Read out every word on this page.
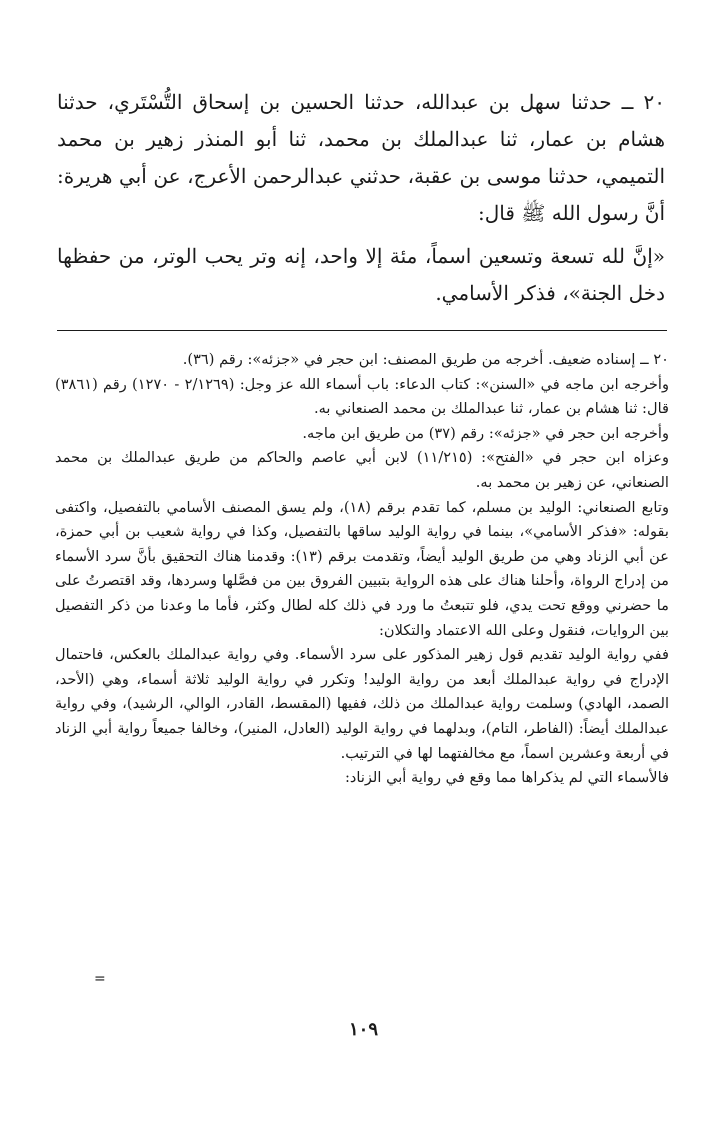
٢٠ ــ حدثنا سهل بن عبدالله، حدثنا الحسين بن إسحاق التُّسْتَري، حدثنا هشام بن عمار، ثنا عبدالملك بن محمد، ثنا أبو المنذر زهير بن محمد التميمي، حدثنا موسى بن عقبة، حدثني عبدالرحمن الأعرج، عن أبي هريرة: أنَّ رسول الله ﷺ قال:

«إنَّ لله تسعة وتسعين اسماً، مئة إلا واحد، إنه وتر يحب الوتر، من حفظها دخل الجنة»، فذكر الأسامي.

٢٠ ــ إسناده ضعيف. أخرجه من طريق المصنف: ابن حجر في «جزئه»: رقم (٣٦).

وأخرجه ابن ماجه في «السنن»: كتاب الدعاء: باب أسماء الله عز وجل: (٢/١٢٦٩ - ١٢٧٠) رقم (٣٨٦١) قال: ثنا هشام بن عمار، ثنا عبدالملك بن محمد الصنعاني به.

وأخرجه ابن حجر في «جزئه»: رقم (٣٧) من طريق ابن ماجه.

وعزاه ابن حجر في «الفتح»: (١١/٢١٥) لابن أبي عاصم والحاكم من طريق عبدالملك بن محمد الصنعاني، عن زهير بن محمد به.

وتابع الصنعاني: الوليد بن مسلم، كما تقدم برقم (١٨)، ولم يسق المصنف الأسامي بالتفصيل، واكتفى بقوله: «فذكر الأسامي»، بينما في رواية الوليد ساقها بالتفصيل، وكذا في رواية شعيب بن أبي حمزة، عن أبي الزناد وهي من طريق الوليد أيضاً، وتقدمت برقم (١٣): وقدمنا هناك التحقيق بأنَّ سرد الأسماء من إدراج الرواة، وأحلنا هناك على هذه الرواية بتبيين الفروق بين من فصَّلها وسردها، وقد اقتصرتُ على ما حضرني ووقع تحت يدي، فلو تتبعتُ ما ورد في ذلك كله لطال وكثر، فأما ما وعدنا من ذكر التفصيل بين الروايات، فنقول وعلى الله الاعتماد والتكلان:

ففي رواية الوليد تقديم قول زهير المذكور على سرد الأسماء. وفي رواية عبدالملك بالعكس، فاحتمال الإدراج في رواية عبدالملك أبعد من رواية الوليد! وتكرر في رواية الوليد ثلاثة أسماء، وهي (الأحد، الصمد، الهادي) وسلمت رواية عبدالملك من ذلك، ففيها (المقسط، القادر، الوالي، الرشيد)، وفي رواية عبدالملك أيضاً: (الفاطر، التام)، وبدلهما في رواية الوليد (العادل، المنير)، وخالفا جميعاً رواية أبي الزناد في أربعة وعشرين اسماً، مع مخالفتهما لها في الترتيب.

فالأسماء التي لم يذكراها مما وقع في رواية أبي الزناد:

=
١٠٩
